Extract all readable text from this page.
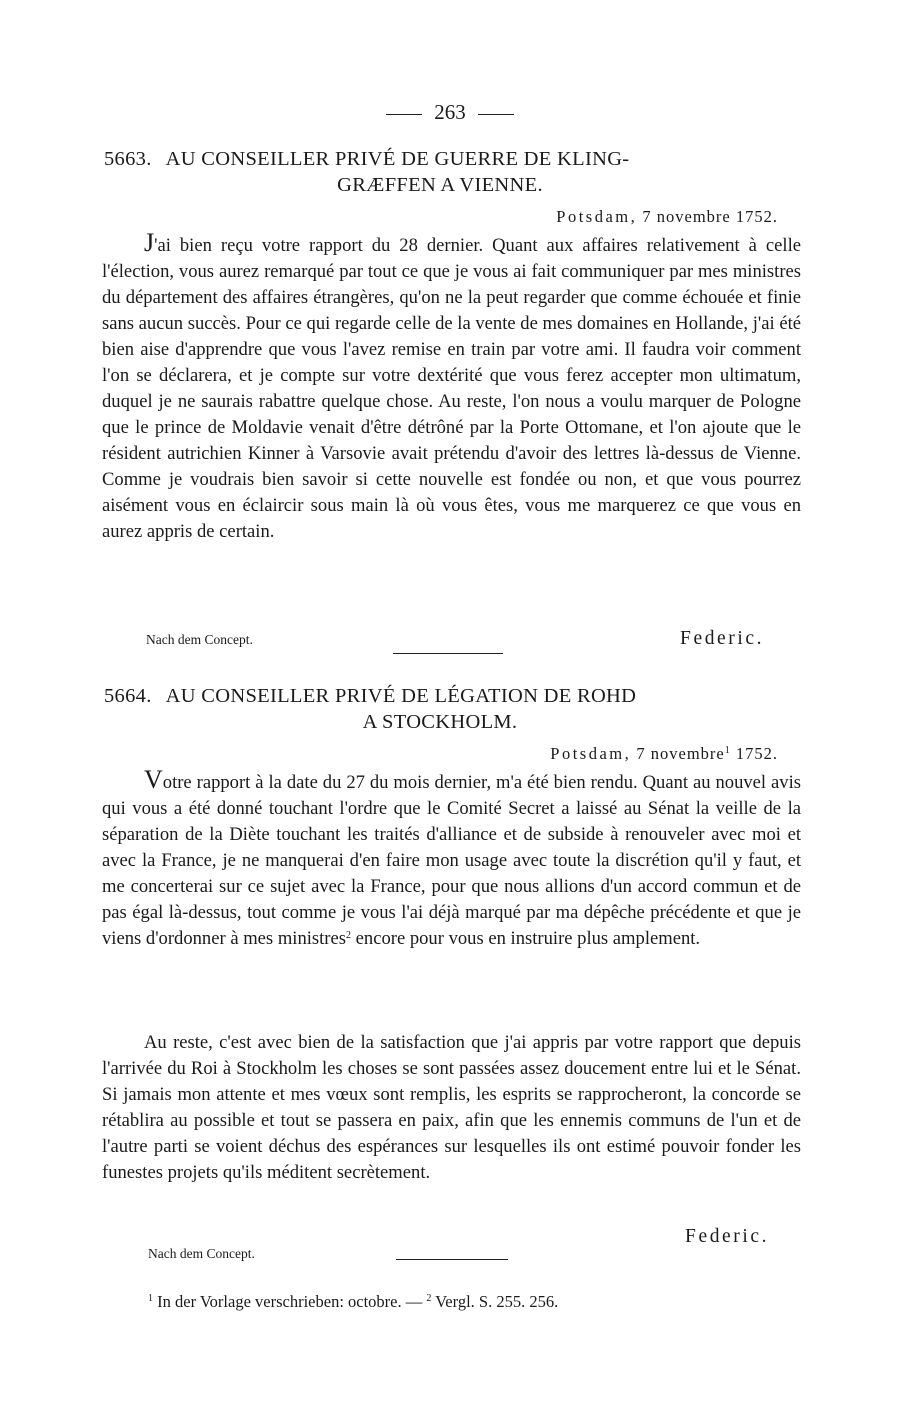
263
5663. AU CONSEILLER PRIVÉ DE GUERRE DE KLING-
GRÆFFEN A VIENNE.
Potsdam, 7 novembre 1752.

J'ai bien reçu votre rapport du 28 dernier. Quant aux affaires relativement à celle l'élection, vous aurez remarqué par tout ce que je vous ai fait communiquer par mes ministres du département des affaires étrangères, qu'on ne la peut regarder que comme échouée et finie sans aucun succès. Pour ce qui regarde celle de la vente de mes domaines en Hollande, j'ai été bien aise d'apprendre que vous l'avez remise en train par votre ami. Il faudra voir comment l'on se déclarera, et je compte sur votre dextérité que vous ferez accepter mon ultimatum, duquel je ne saurais rabattre quelque chose. Au reste, l'on nous a voulu marquer de Pologne que le prince de Moldavie venait d'être détrôné par la Porte Ottomane, et l'on ajoute que le résident autrichien Kinner à Varsovie avait prétendu d'avoir des lettres là-dessus de Vienne. Comme je voudrais bien savoir si cette nouvelle est fondée ou non, et que vous pourrez aisément vous en éclaircir sous main là où vous êtes, vous me marquerez ce que vous en aurez appris de certain.

Nach dem Concept.	Federic.
5664. AU CONSEILLER PRIVÉ DE LÉGATION DE ROHD
A STOCKHOLM.
Potsdam, 7 novembre$^1$ 1752.

Votre rapport à la date du 27 du mois dernier, m'a été bien rendu. Quant au nouvel avis qui vous a été donné touchant l'ordre que le Comité Secret a laissé au Sénat la veille de la séparation de la Diète touchant les traités d'alliance et de subside à renouveler avec moi et avec la France, je ne manquerai d'en faire mon usage avec toute la discrétion qu'il y faut, et me concerterai sur ce sujet avec la France, pour que nous allions d'un accord commun et de pas égal là-dessus, tout comme je vous l'ai déjà marqué par ma dépêche précédente et que je viens d'ordonner à mes ministres$^2$ encore pour vous en instruire plus amplement.

Au reste, c'est avec bien de la satisfaction que j'ai appris par votre rapport que depuis l'arrivée du Roi à Stockholm les choses se sont passées assez doucement entre lui et le Sénat. Si jamais mon attente et mes vœux sont remplis, les esprits se rapprocheront, la concorde se rétablira au possible et tout se passera en paix, afin que les ennemis communs de l'un et de l'autre parti se voient déchus des espérances sur lesquelles ils ont estimé pouvoir fonder les funestes projets qu'ils méditent secrètement.

Nach dem Concept.
Federic.
$^1$ In der Vorlage verschrieben: octobre. — $^2$ Vergl. S. 255. 256.
